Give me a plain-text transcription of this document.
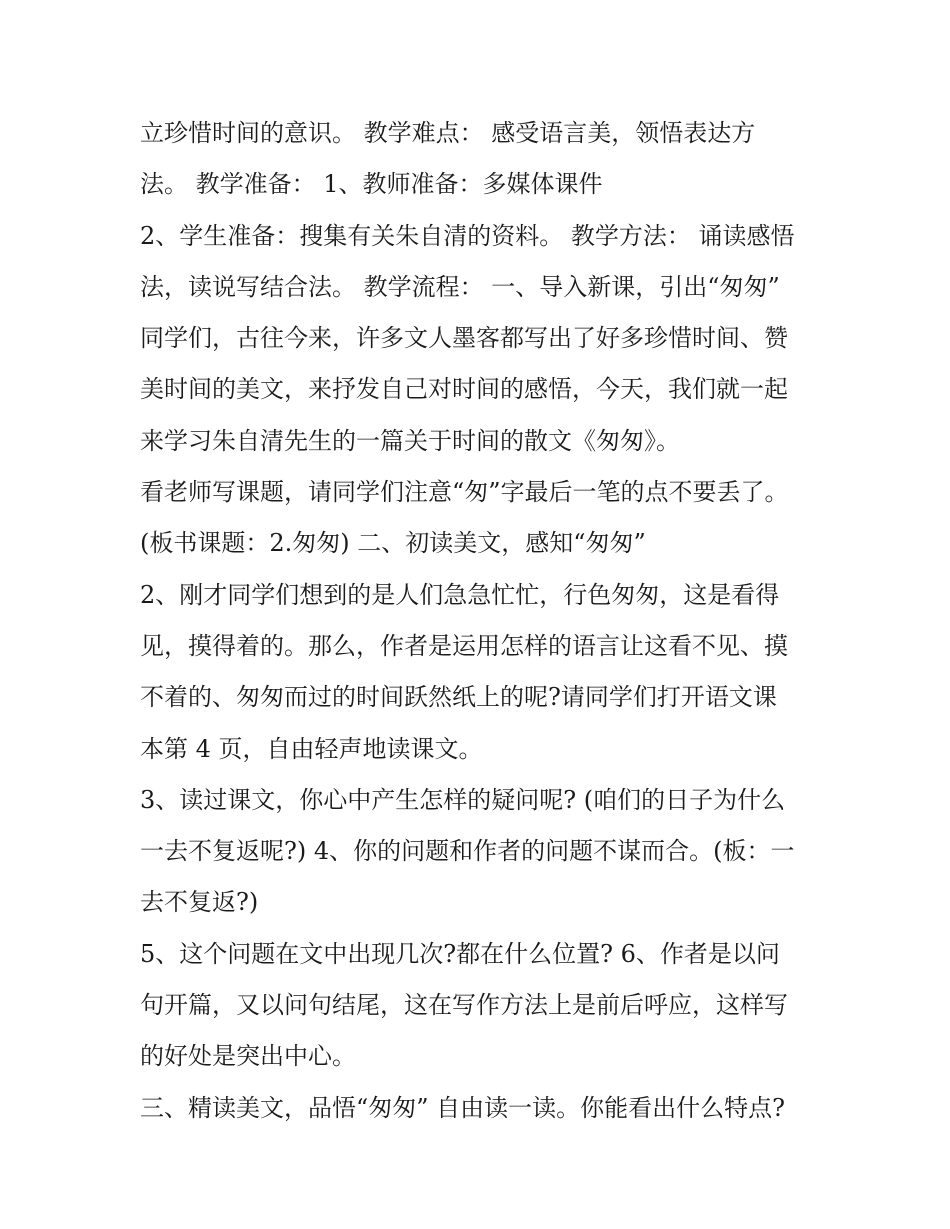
立珍惜时间的意识。 教学难点： 感受语言美，领悟表达方
法。 教学准备： 1、教师准备：多媒体课件
2、学生准备：搜集有关朱自清的资料。 教学方法： 诵读感悟
法，读说写结合法。 教学流程： 一、导入新课，引出“匆匆”
同学们，古往今来，许多文人墨客都写出了好多珍惜时间、赞
美时间的美文，来抒发自己对时间的感悟，今天，我们就一起
来学习朱自清先生的一篇关于时间的散文《匆匆》。
看老师写课题，请同学们注意“匆”字最后一笔的点不要丢了。
(板书课题：2.匆匆) 二、初读美文，感知“匆匆”
2、刚才同学们想到的是人们急急忙忙，行色匆匆，这是看得
见，摸得着的。那么，作者是运用怎样的语言让这看不见、摸
不着的、匆匆而过的时间跃然纸上的呢?请同学们打开语文课
本第 4 页，自由轻声地读课文。
3、读过课文，你心中产生怎样的疑问呢? (咱们的日子为什么
一去不复返呢?) 4、你的问题和作者的问题不谋而合。(板：一
去不复返?)
5、这个问题在文中出现几次?都在什么位置? 6、作者是以问
句开篇，又以问句结尾，这在写作方法上是前后呼应，这样写
的好处是突出中心。
三、精读美文，品悟“匆匆” 自由读一读。你能看出什么特点?
